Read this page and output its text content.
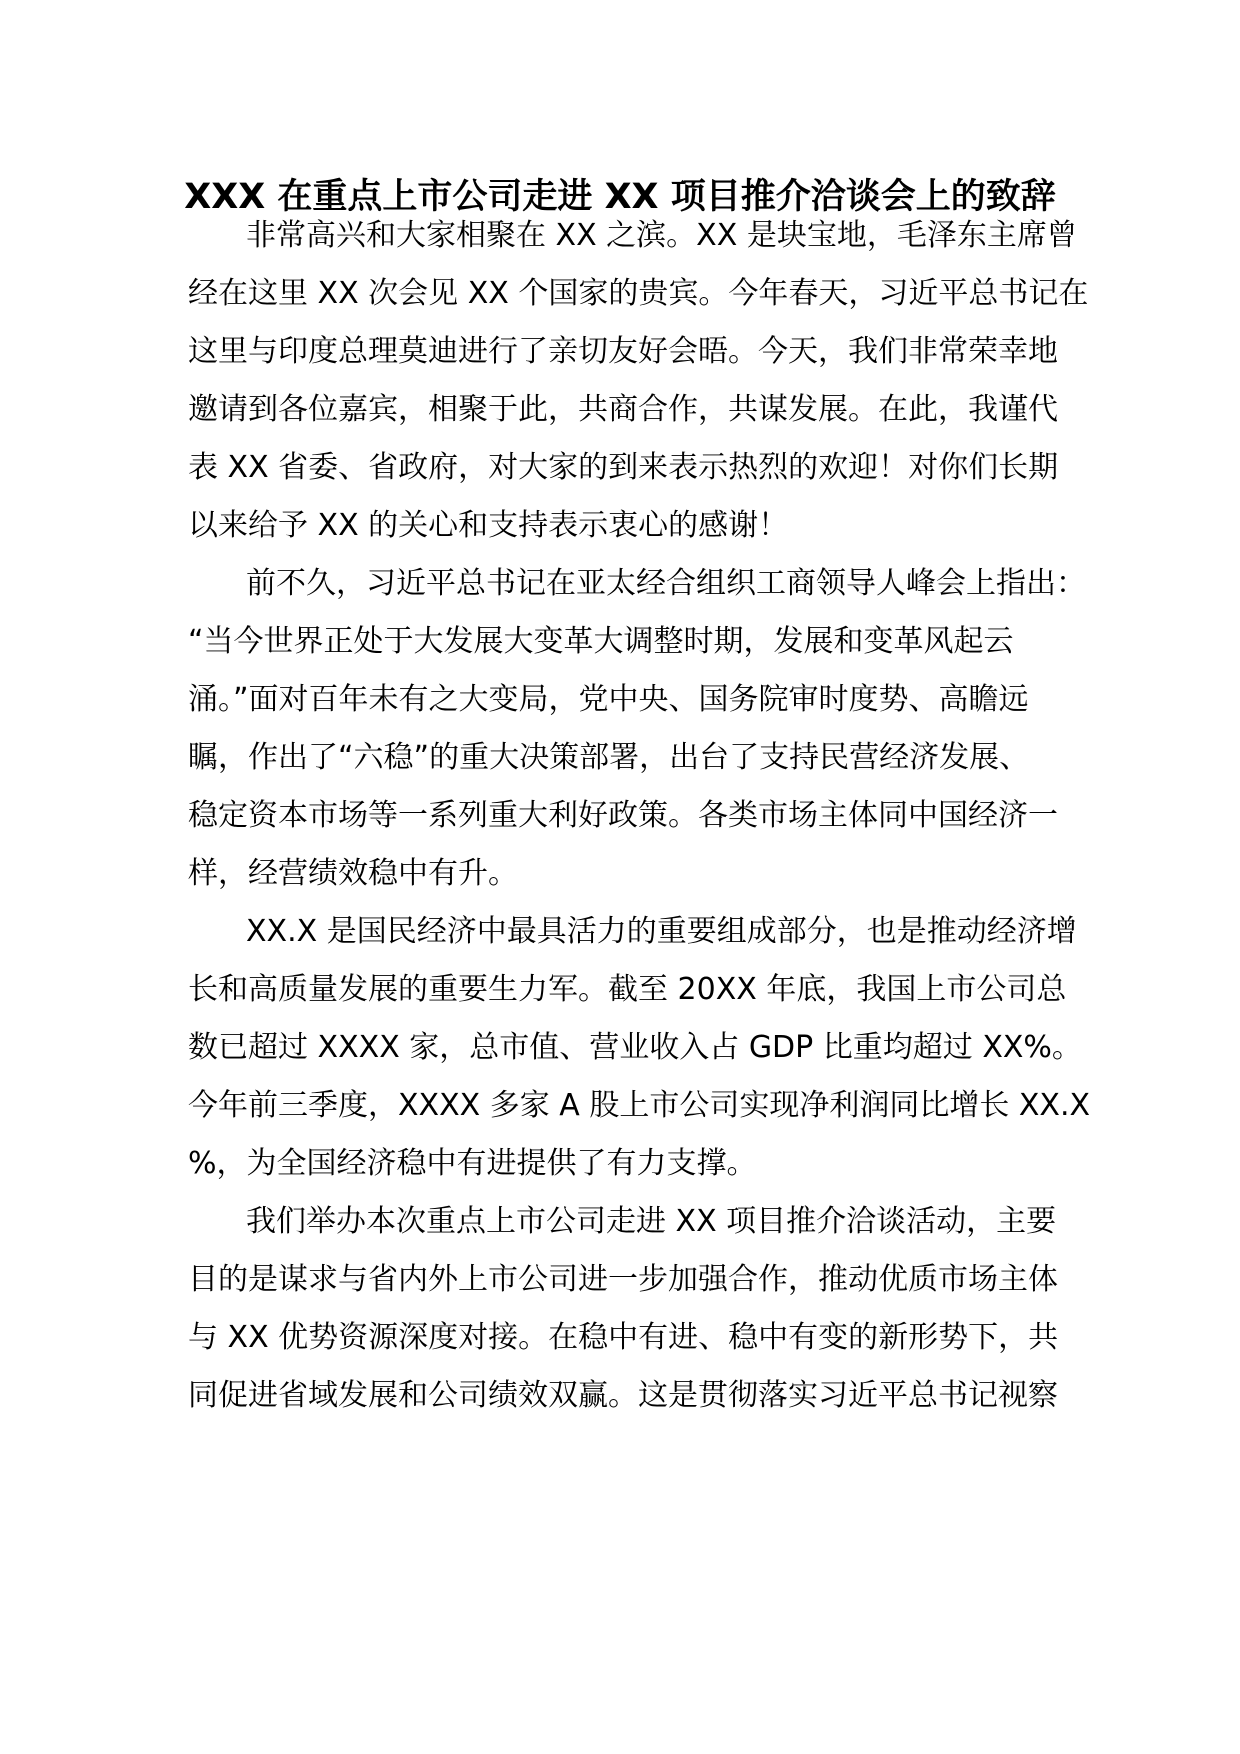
XXX 在重点上市公司走进 XX 项目推介洽谈会上的致辞
非常高兴和大家相聚在 XX 之滨。XX 是块宝地，毛泽东主席曾
经在这里 XX 次会见 XX 个国家的贵宾。今年春天，习近平总书记在
这里与印度总理莫迪进行了亲切友好会晤。今天，我们非常荣幸地
邀请到各位嘉宾，相聚于此，共商合作，共谋发展。在此，我谨代
表 XX 省委、省政府，对大家的到来表示热烈的欢迎！对你们长期
以来给予 XX 的关心和支持表示衷心的感谢！
前不久，习近平总书记在亚太经合组织工商领导人峰会上指出：
“当今世界正处于大发展大变革大调整时期，发展和变革风起云
涌。”面对百年未有之大变局，党中央、国务院审时度势、高瞻远
瞩，作出了“六稳”的重大决策部署，出台了支持民营经济发展、
稳定资本市场等一系列重大利好政策。各类市场主体同中国经济一
样，经营绩效稳中有升。
XX.X 是国民经济中最具活力的重要组成部分，也是推动经济增
长和高质量发展的重要生力军。截至 20XX 年底，我国上市公司总
数已超过 XXXX 家，总市值、营业收入占 GDP 比重均超过 XX%。
今年前三季度，XXXX 多家 A 股上市公司实现净利润同比增长 XX.X
%，为全国经济稳中有进提供了有力支撑。
我们举办本次重点上市公司走进 XX 项目推介洽谈活动，主要
目的是谋求与省内外上市公司进一步加强合作，推动优质市场主体
与 XX 优势资源深度对接。在稳中有进、稳中有变的新形势下，共
同促进省域发展和公司绩效双赢。这是贯彻落实习近平总书记视察
